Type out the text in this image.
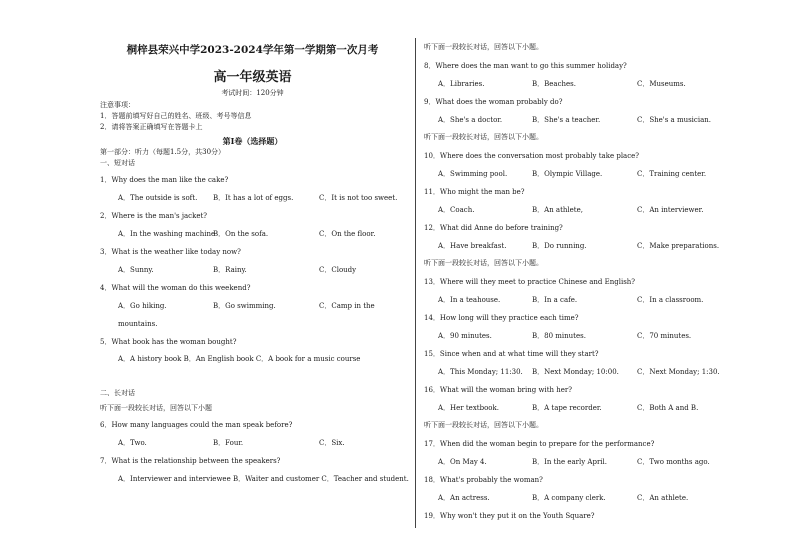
桐梓县荣兴中学2023-2024学年第一学期第一次月考
高一年级英语
考试时间：120分钟
注意事项：
1．答题前填写好自己的姓名、班级、考号等信息
2．请将答案正确填写在答题卡上
第Ⅰ卷（选择题）
第一部分：听力（每题1.5分，共30分）
一、短对话
1．Why does the man like the cake?
A．The outside is soft. B．It has a lot of eggs.	C．It is not too sweet.
2．Where is the man's jacket?
A．In the washing machine
B．On the sofa.	C．On the floor.
3．What is the weather like today now?
A．Sunny.	B．Rainy.	C．Cloudy
4．What will the woman do this weekend?
A．Go hiking.	B．Go swimming.	C．Camp in the
mountains.
5．What book has the woman bought?
A．A history book B．An English book C．A book for a music course
二、长对话
听下面一段较长对话，回答以下小题
6．How many languages could the man speak before?
A．Two.	B．Four.	C．Six.
7．What is the relationship between the speakers?
A．Interviewer and interviewee B．Waiter and customer C．Teacher and student.
听下面一段较长对话，回答以下小题。
8．Where does the man want to go this summer holiday?
A．Libraries.	B．Beaches.	C．Museums.
9．What does the woman probably do?
A．She's a doctor.	B．She's a teacher.	C．She's a musician.
听下面一段较长对话，回答以下小题。
10．Where does the conversation most probably take place?
A．Swimming pool.	B．Olympic Village.	C．Training center.
11．Who might the man be?
A．Coach.	B．An athlete,	C．An interviewer.
12．What did Anne do before training?
A．Have breakfast.	B．Do running.	C．Make preparations.
听下面一段较长对话，回答以下小题。
13．Where will they meet to practice Chinese and English?
A．In a teahouse.	B．In a cafe.	C．In a classroom.
14．How long will they practice each time?
A．90 minutes.	B．80 minutes.	C．70 minutes.
15．Since when and at what time will they start?
A．This Monday; 11:30. B．Next Monday; 10:00.	C．Next Monday; 1:30.
16．What will the woman bring with her?
A．Her textbook.	B．A tape recorder.	C．Both A and B.
听下面一段较长对话，回答以下小题。
17．When did the woman begin to prepare for the performance?
A．On May 4.	B．In the early April.	C．Two months ago.
18．What's probably the woman?
A．An actress.	B．A company clerk.	C．An athlete.
19．Why won't they put it on the Youth Square?
